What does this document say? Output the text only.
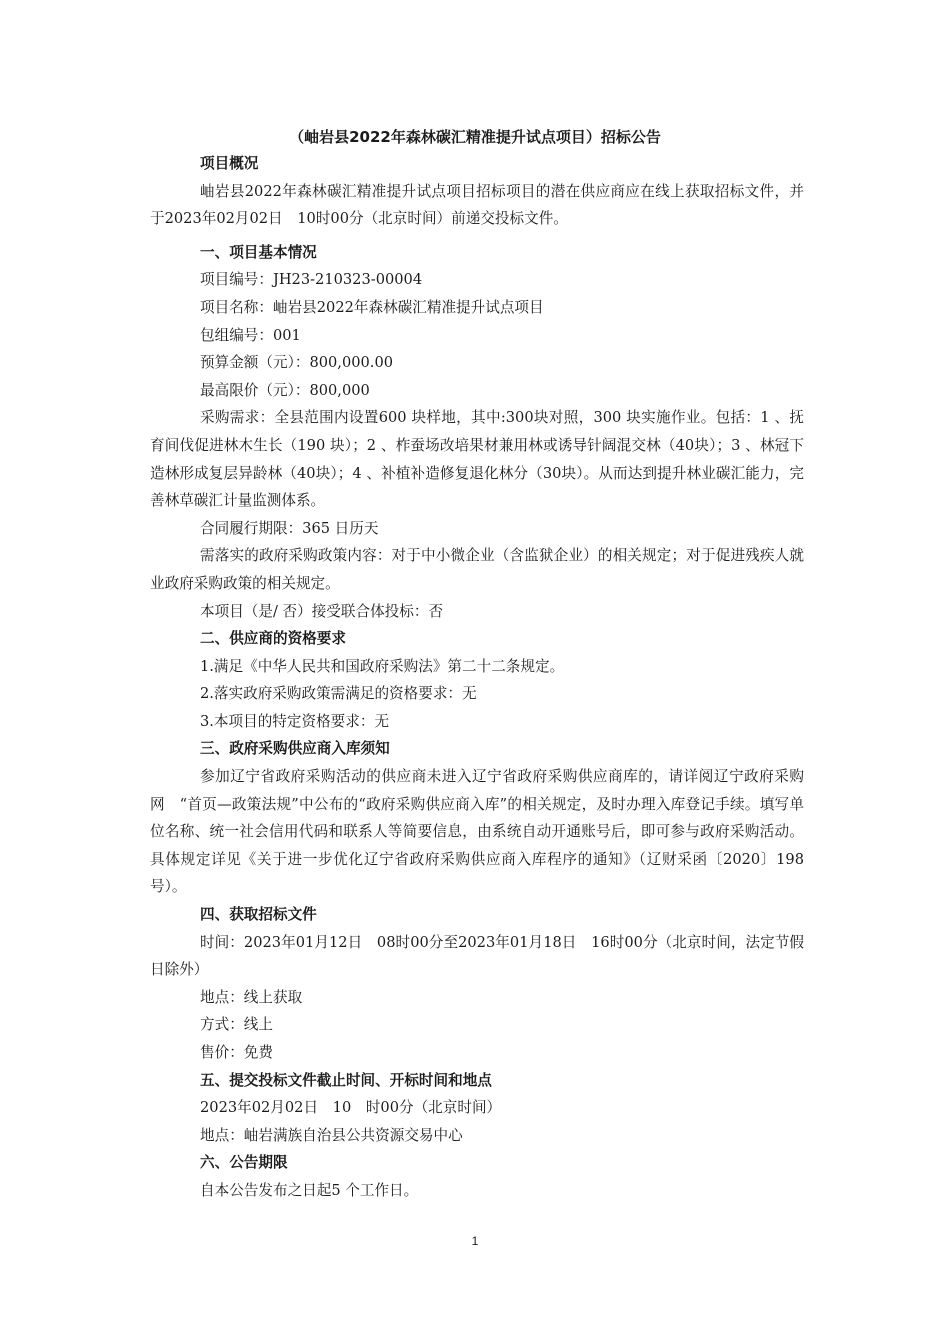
（岫岩县2022年森林碳汇精准提升试点项目）招标公告

项目概况

岫岩县2022年森林碳汇精准提升试点项目招标项目的潜在供应商应在线上获取招标文件，并于2023年02月02日　10时00分（北京时间）前递交投标文件。

一、项目基本情况

项目编号：JH23-210323-00004

项目名称：岫岩县2022年森林碳汇精准提升试点项目

包组编号：001

预算金额（元）：800,000.00

最高限价（元）：800,000

采购需求：全县范围内设置600 块样地，其中:300块对照，300 块实施作业。包括：1 、抚育间伐促进林木生长（190 块）；2 、柞蚕场改培果材兼用林或诱导针阔混交林（40块）；3 、林冠下造林形成复层异龄林（40块）；4 、补植补造修复退化林分（30块）。从而达到提升林业碳汇能力，完善林草碳汇计量监测体系。

合同履行期限：365 日历天

需落实的政府采购政策内容：对于中小微企业（含监狱企业）的相关规定；对于促进残疾人就业政府采购政策的相关规定。

本项目（是/ 否）接受联合体投标：否

二、供应商的资格要求

1.满足《中华人民共和国政府采购法》第二十二条规定。

2.落实政府采购政策需满足的资格要求：无

3.本项目的特定资格要求：无

三、政府采购供应商入库须知

参加辽宁省政府采购活动的供应商未进入辽宁省政府采购供应商库的，请详阅辽宁政府采购网　“首页—政策法规”中公布的“政府采购供应商入库”的相关规定，及时办理入库登记手续。填写单位名称、统一社会信用代码和联系人等简要信息，由系统自动开通账号后，即可参与政府采购活动。具体规定详见《关于进一步优化辽宁省政府采购供应商入库程序的通知》（辽财采函〔2020〕198 号）。

四、获取招标文件

时间：2023年01月12日　08时00分至2023年01月18日　16时00分（北京时间，法定节假日除外）

地点：线上获取

方式：线上

售价：免费

五、提交投标文件截止时间、开标时间和地点

2023年02月02日　10　时00分（北京时间）

地点：岫岩满族自治县公共资源交易中心

六、公告期限

自本公告发布之日起5 个工作日。

1
